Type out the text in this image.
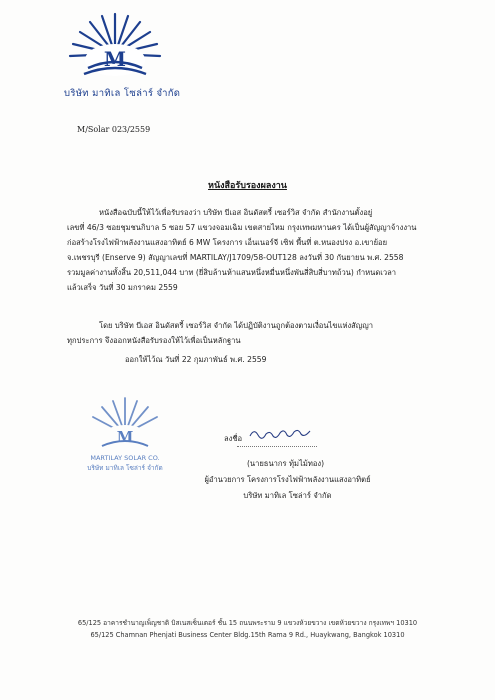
M
บริษัท มาทิเล โซล่าร์ จำกัด
M/Solar 023/2559
หนังสือรับรองผลงาน
หนังสือฉบับนี้ให้ไว้เพื่อรับรองว่า บริษัท บีเอส อินดัสตรี้ เซอร์วิส จำกัด สำนักงานตั้งอยู่
เลขที่ 46/3 ซอยชุมชนกิบาล 5 ซอย 57 แขวงจอมเฉิม เขตสายไหม กรุงเทพมหานคร ได้เป็นผู้สัญญาจ้างงาน
ก่อสร้างโรงไฟฟ้าพลังงานแสงอาทิตย์ 6 MW โครงการ เอ็นเนอร์จี เซิฟ พื้นที่ ต.หนองปรง อ.เขาย้อย
จ.เพชรบุรี (Enserve 9) สัญญาเลขที่ MARTILAY/J1709/58-OUT128 ลงวันที่ 30 กันยายน พ.ศ. 2558
รวมมูลค่างานทั้งสิ้น 20,511,044 บาท (ยี่สิบล้านห้าแสนหนึ่งหมื่นหนึ่งพันสี่สิบสี่บาทถ้วน) กำหนดเวลา
แล้วเสร็จ วันที่ 30 มกราคม 2559
โดย บริษัท บีเอส อินดัสตรี้ เซอร์วิส จำกัด ได้ปฏิบัติงานถูกต้องตามเงื่อนไขแห่งสัญญา
ทุกประการ จึงออกหนังสือรับรองให้ไว้เพื่อเป็นหลักฐาน
ออกให้ไว้ณ วันที่ 22 กุมภาพันธ์ พ.ศ. 2559
M
MARTILAY SOLAR CO.
บริษัท มาทิเล โซล่าร์ จำกัด
ลงชื่อ
(นายธนากร ทุ้มไม้ทอง)
ผู้อำนวยการ โครงการโรงไฟฟ้าพลังงานแสงอาทิตย์
บริษัท มาทิเล โซล่าร์ จำกัด
65/125 อาคารชำนาญเพ็ญชาติ บิสเนสเซ็นเตอร์ ชั้น 15 ถนนพระราม 9 แขวงห้วยขวาง เขตห้วยขวาง กรุงเทพฯ 10310
65/125 Chamnan Phenjati Business Center Bldg.15th Rama 9 Rd., Huaykwang, Bangkok 10310
